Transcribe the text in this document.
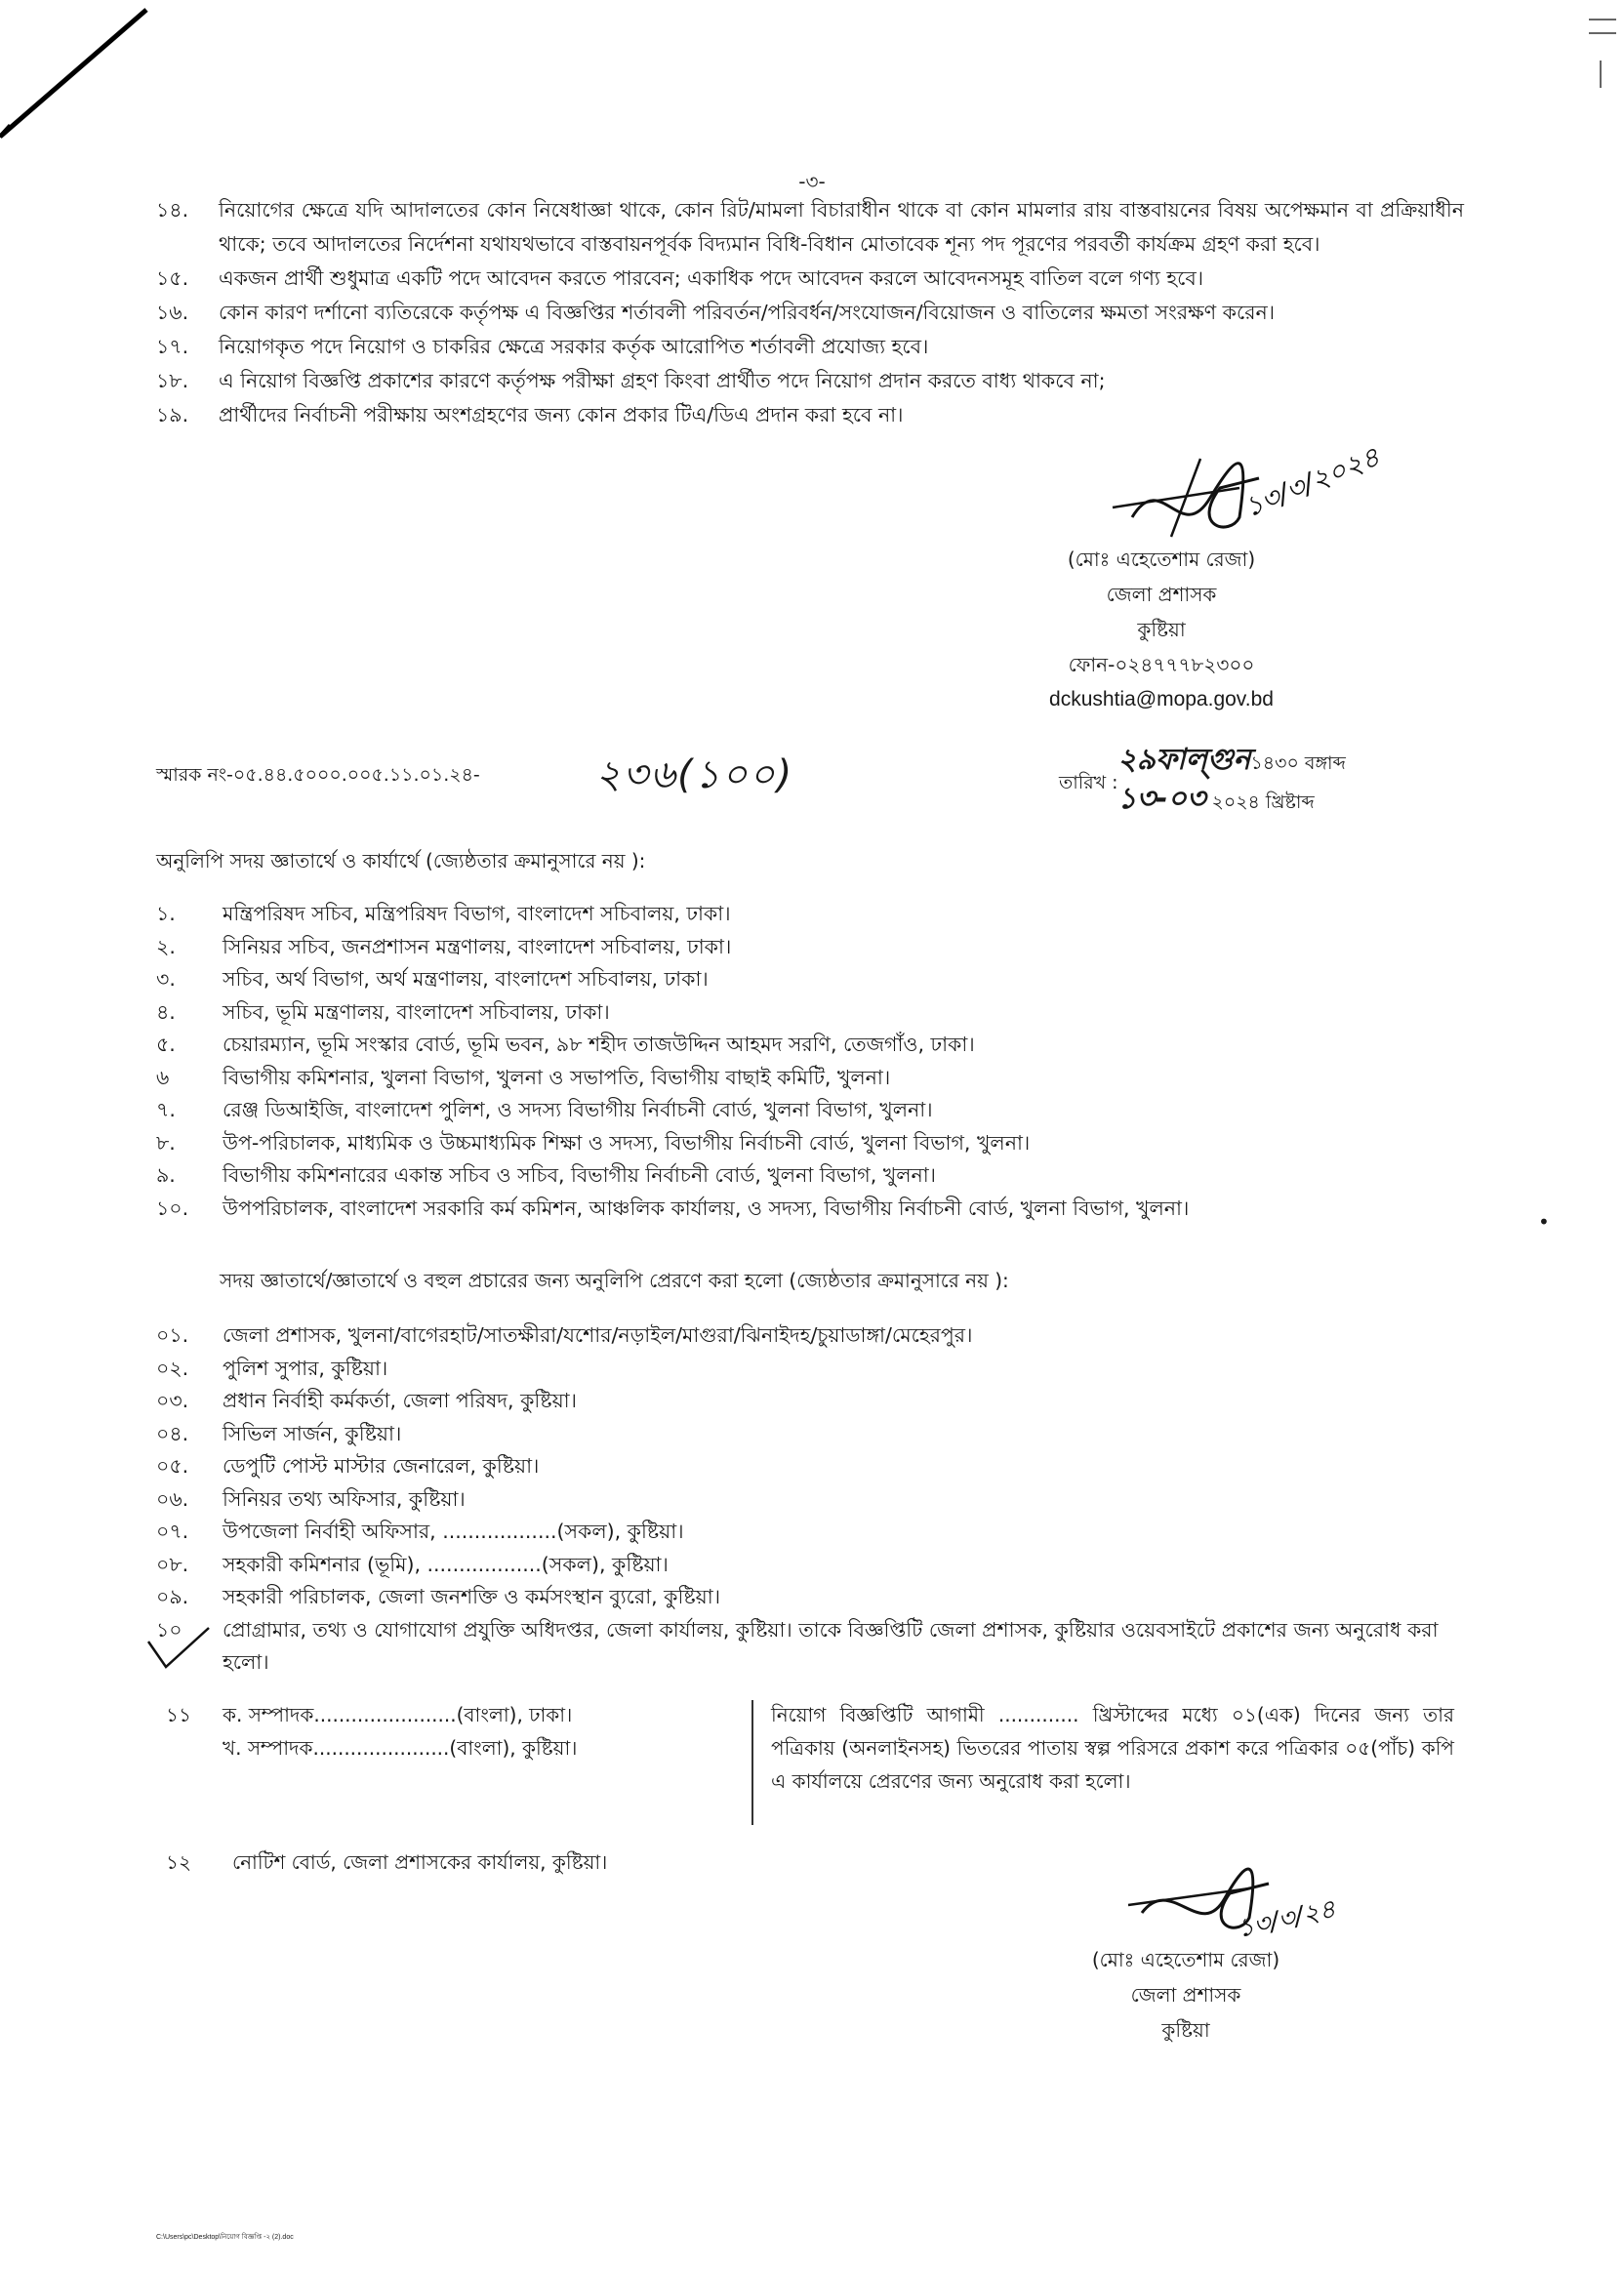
-৩-
১৪.	নিয়োগের ক্ষেত্রে যদি আদালতের কোন নিষেধাজ্ঞা থাকে, কোন রিট/মামলা বিচারাধীন থাকে বা কোন মামলার রায় বাস্তবায়নের বিষয় অপেক্ষমান বা প্রক্রিয়াধীন থাকে; তবে আদালতের নির্দেশনা যথাযথভাবে বাস্তবায়নপূর্বক বিদ্যমান বিধি-বিধান মোতাবেক শূন্য পদ পূরণের পরবর্তী কার্যক্রম গ্রহণ করা হবে।
১৫.	একজন প্রার্থী শুধুমাত্র একটি পদে আবেদন করতে পারবেন; একাধিক পদে আবেদন করলে আবেদনসমূহ বাতিল বলে গণ্য হবে।
১৬.	কোন কারণ দর্শানো ব্যতিরেকে কর্তৃপক্ষ এ বিজ্ঞপ্তির শর্তাবলী পরিবর্তন/পরিবর্ধন/সংযোজন/বিয়োজন ও বাতিলের ক্ষমতা সংরক্ষণ করেন।
১৭.	নিয়োগকৃত পদে নিয়োগ ও চাকরির ক্ষেত্রে সরকার কর্তৃক আরোপিত শর্তাবলী প্রযোজ্য হবে।
১৮.	এ নিয়োগ বিজ্ঞপ্তি প্রকাশের কারণে কর্তৃপক্ষ পরীক্ষা গ্রহণ কিংবা প্রার্থীত পদে নিয়োগ প্রদান করতে বাধ্য থাকবে না;
১৯.	প্রার্থীদের নির্বাচনী পরীক্ষায় অংশগ্রহণের জন্য কোন প্রকার টিএ/ডিএ প্রদান করা হবে না।
১৩/৩/২০২৪
(মোঃ এহেতেশাম রেজা)
জেলা প্রশাসক
কুষ্টিয়া
ফোন-০২৪৭৭৭৮২৩০০
dckushtia@mopa.gov.bd
স্মারক নং-০৫.৪৪.৫০০০.০০৫.১১.০১.২৪-	২৩৬(১০০)	তারিখ :
২৯ফাল্গুন১৪৩০ বঙ্গাব্দ
১৩-০৩ ২০২৪ খ্রিষ্টাব্দ
অনুলিপি সদয় জ্ঞাতার্থে ও কার্যার্থে (জ্যেষ্ঠতার ক্রমানুসারে নয় ):
১.	মন্ত্রিপরিষদ সচিব, মন্ত্রিপরিষদ বিভাগ, বাংলাদেশ সচিবালয়, ঢাকা।
২.	সিনিয়র সচিব, জনপ্রশাসন মন্ত্রণালয়, বাংলাদেশ সচিবালয়, ঢাকা।
৩.	সচিব, অর্থ বিভাগ, অর্থ মন্ত্রণালয়, বাংলাদেশ সচিবালয়, ঢাকা।
৪.	সচিব, ভূমি মন্ত্রণালয়, বাংলাদেশ সচিবালয়, ঢাকা।
৫.	চেয়ারম্যান, ভূমি সংস্কার বোর্ড, ভূমি ভবন, ৯৮ শহীদ তাজউদ্দিন আহমদ সরণি, তেজগাঁও, ঢাকা।
৬	বিভাগীয় কমিশনার, খুলনা বিভাগ, খুলনা ও সভাপতি, বিভাগীয় বাছাই কমিটি, খুলনা।
৭.	রেঞ্জ ডিআইজি, বাংলাদেশ পুলিশ, ও সদস্য বিভাগীয় নির্বাচনী বোর্ড, খুলনা বিভাগ, খুলনা।
৮.	উপ-পরিচালক, মাধ্যমিক ও উচ্চমাধ্যমিক শিক্ষা ও সদস্য, বিভাগীয় নির্বাচনী বোর্ড, খুলনা বিভাগ, খুলনা।
৯.	বিভাগীয় কমিশনারের একান্ত সচিব ও সচিব, বিভাগীয় নির্বাচনী বোর্ড, খুলনা বিভাগ, খুলনা।
১০.	উপপরিচালক, বাংলাদেশ সরকারি কর্ম কমিশন, আঞ্চলিক কার্যালয়, ও সদস্য, বিভাগীয় নির্বাচনী বোর্ড, খুলনা বিভাগ, খুলনা।
•
সদয় জ্ঞাতার্থে/জ্ঞাতার্থে ও বহুল প্রচারের জন্য অনুলিপি প্রেরণে করা হলো (জ্যেষ্ঠতার ক্রমানুসারে নয় ):
০১.	জেলা প্রশাসক, খুলনা/বাগেরহাট/সাতক্ষীরা/যশোর/নড়াইল/মাগুরা/ঝিনাইদহ/চুয়াডাঙ্গা/মেহেরপুর।
০২.	পুলিশ সুপার, কুষ্টিয়া।
০৩.	প্রধান নির্বাহী কর্মকর্তা, জেলা পরিষদ, কুষ্টিয়া।
০৪.	সিভিল সার্জন, কুষ্টিয়া।
০৫.	ডেপুটি পোস্ট মাস্টার জেনারেল, কুষ্টিয়া।
০৬.	সিনিয়র তথ্য অফিসার, কুষ্টিয়া।
০৭.	উপজেলা নির্বাহী অফিসার, ..................(সকল), কুষ্টিয়া।
০৮.	সহকারী কমিশনার (ভূমি), ..................(সকল), কুষ্টিয়া।
০৯.	সহকারী পরিচালক, জেলা জনশক্তি ও কর্মসংস্থান ব্যুরো, কুষ্টিয়া।
১০	প্রোগ্রামার, তথ্য ও যোগাযোগ প্রযুক্তি অধিদপ্তর, জেলা কার্যালয়, কুষ্টিয়া। তাকে বিজ্ঞপ্তিটি জেলা প্রশাসক, কুষ্টিয়ার ওয়েবসাইটে প্রকাশের জন্য অনুরোধ করা হলো।
১১ ক. সম্পাদক.......................(বাংলা), ঢাকা।
খ. সম্পাদক......................(বাংলা), কুষ্টিয়া।
নিয়োগ বিজ্ঞপ্তিটি আগামী ............. খ্রিস্টাব্দের মধ্যে ০১(এক) দিনের জন্য তার পত্রিকায় (অনলাইনসহ) ভিতরের পাতায় স্বল্প পরিসরে প্রকাশ করে পত্রিকার ০৫(পাঁচ) কপি এ কার্যালয়ে প্রেরণের জন্য অনুরোধ করা হলো।
১২	নোটিশ বোর্ড, জেলা প্রশাসকের কার্যালয়, কুষ্টিয়া।
১৩/৩/২৪
(মোঃ এহেতেশাম রেজা)
জেলা প্রশাসক
কুষ্টিয়া
C:\Users\pc\Desktop\নিয়োগ বিজ্ঞপ্তি -২ (2).doc
